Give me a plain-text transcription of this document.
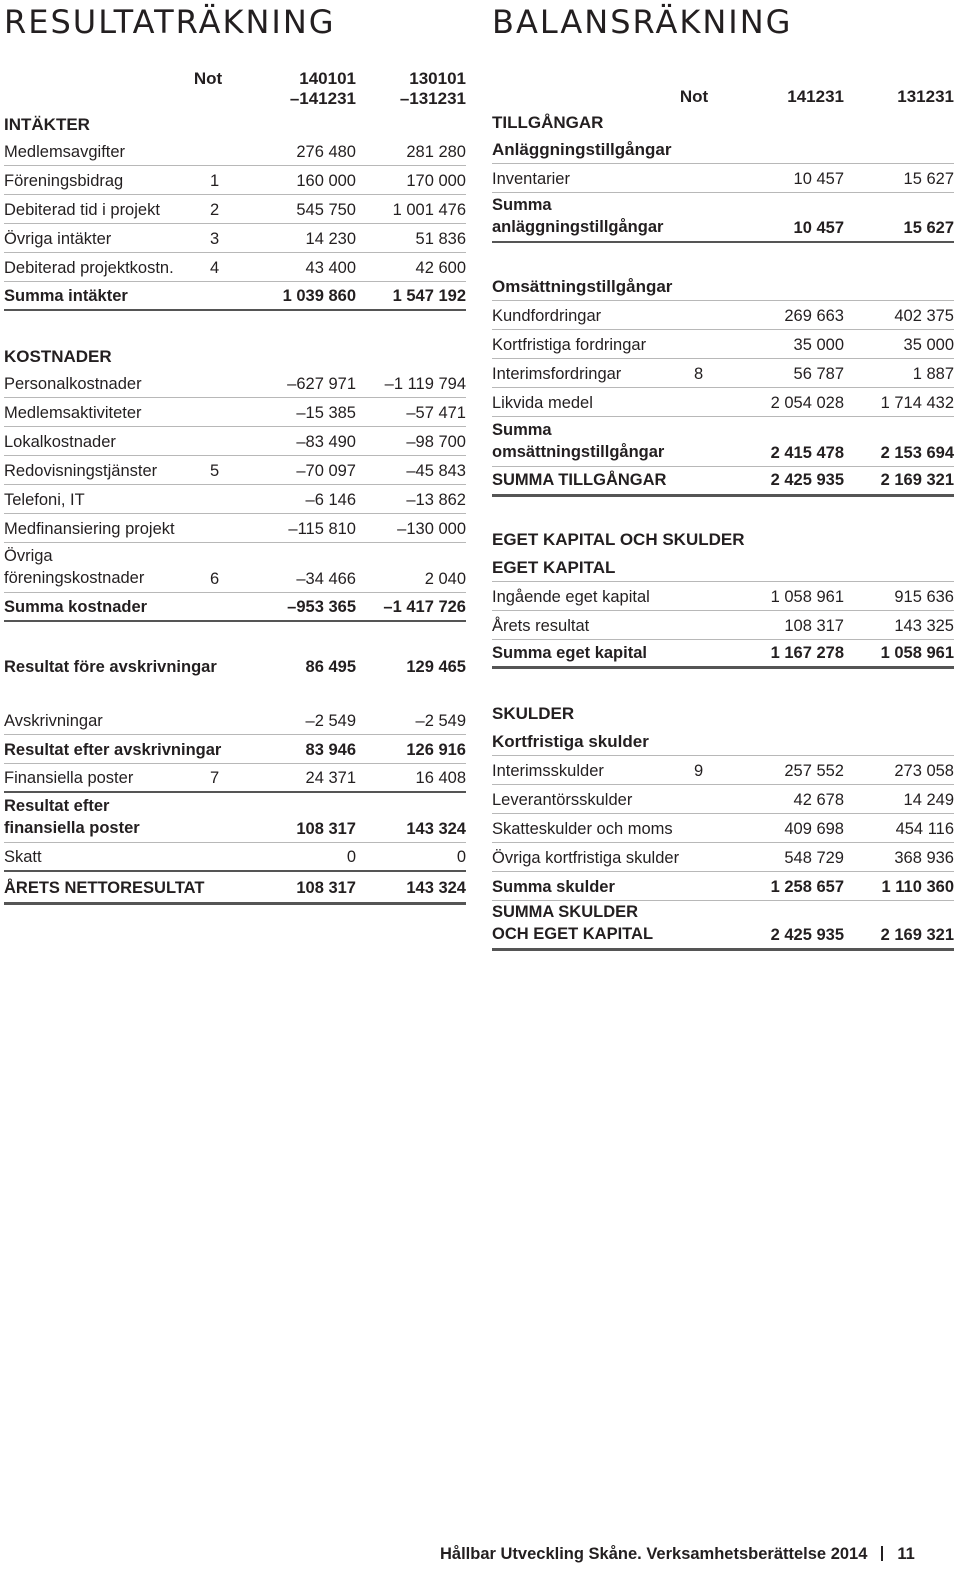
RESULTATRÄKNING
Not	140101	130101
–141231	–131231
INTÄKTER
Medlemsavgifter	276 480	281 280
Föreningsbidrag	1	160 000	170 000
Debiterad tid i projekt	2	545 750	1 001 476
Övriga intäkter	3	14 230	51 836
Debiterad projektkostn.	4	43 400	42 600
Summa intäkter	1 039 860	1 547 192
KOSTNADER
Personalkostnader	–627 971	–1 119 794
Medlemsaktiviteter	–15 385	–57 471
Lokalkostnader	–83 490	–98 700
Redovisningstjänster	5	–70 097	–45 843
Telefoni, IT	–6 146	–13 862
Medfinansiering projekt	–115 810	–130 000
Övriga
föreningskostnader	6	–34 466	2 040
Summa kostnader	–953 365	–1 417 726
Resultat före avskrivningar	86 495	129 465
Avskrivningar	–2 549	–2 549
Resultat efter avskrivningar	83 946	126 916
Finansiella poster	7	24 371	16 408
Resultat efter
finansiella poster	108 317	143 324
Skatt	0	0
ÅRETS NETTORESULTAT	108 317	143 324
BALANSRÄKNING
Not	141231	131231
TILLGÅNGAR
Anläggningstillgångar
Inventarier	10 457	15 627
Summa
anläggningstillgångar	10 457	15 627
Omsättningstillgångar
Kundfordringar	269 663	402 375
Kortfristiga fordringar	35 000	35 000
Interimsfordringar	8	56 787	1 887
Likvida medel	2 054 028	1 714 432
Summa
omsättningstillgångar	2 415 478	2 153 694
SUMMA TILLGÅNGAR	2 425 935	2 169 321
EGET KAPITAL OCH SKULDER
EGET KAPITAL
Ingående eget kapital	1 058 961	915 636
Årets resultat	108 317	143 325
Summa eget kapital	1 167 278	1 058 961
SKULDER
Kortfristiga skulder
Interimsskulder	9	257 552	273 058
Leverantörsskulder	42 678	14 249
Skatteskulder och moms	409 698	454 116
Övriga kortfristiga skulder	548 729	368 936
Summa skulder	1 258 657	1 110 360
SUMMA SKULDER
OCH EGET KAPITAL	2 425 935	2 169 321
Hållbar Utveckling Skåne. Verksamhetsberättelse 2014 11
